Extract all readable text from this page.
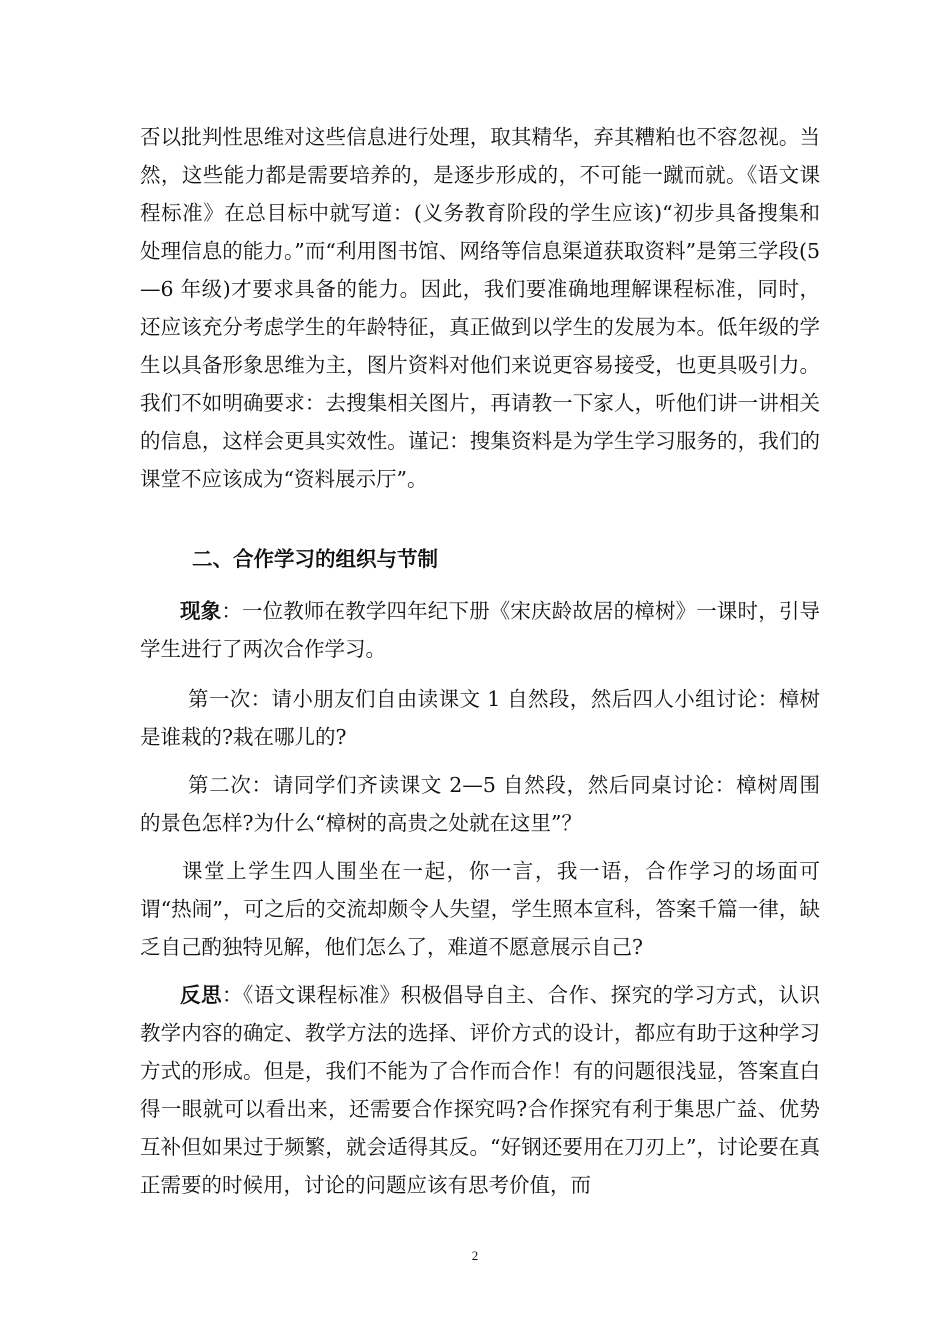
否以批判性思维对这些信息进行处理，取其精华，弃其糟粕也不容忽视。当然，这些能力都是需要培养的，是逐步形成的，不可能一蹴而就。《语文课程标准》在总目标中就写道：(义务教育阶段的学生应该)“初步具备搜集和处理信息的能力。”而“利用图书馆、网络等信息渠道获取资料”是第三学段(5—6 年级)才要求具备的能力。因此，我们要准确地理解课程标准，同时，还应该充分考虑学生的年龄特征，真正做到以学生的发展为本。低年级的学生以具备形象思维为主，图片资料对他们来说更容易接受，也更具吸引力。我们不如明确要求：去搜集相关图片，再请教一下家人，听他们讲一讲相关的信息，这样会更具实效性。谨记：搜集资料是为学生学习服务的，我们的课堂不应该成为“资料展示厅”。

二、合作学习的组织与节制

现象：一位教师在教学四年纪下册《宋庆龄故居的樟树》一课时，引导学生进行了两次合作学习。

第一次：请小朋友们自由读课文 1 自然段，然后四人小组讨论：樟树是谁栽的?栽在哪儿的?

第二次：请同学们齐读课文 2—5 自然段，然后同桌讨论：樟树周围的景色怎样?为什么“樟树的高贵之处就在这里”？

课堂上学生四人围坐在一起，你一言，我一语，合作学习的场面可谓“热闹”，可之后的交流却颇令人失望，学生照本宣科，答案千篇一律，缺乏自己酌独特见解，他们怎么了，难道不愿意展示自己?

反思：《语文课程标准》积极倡导自主、合作、探究的学习方式，认识教学内容的确定、教学方法的选择、评价方式的设计，都应有助于这种学习方式的形成。但是，我们不能为了合作而合作！有的问题很浅显，答案直白得一眼就可以看出来，还需要合作探究吗?合作探究有利于集思广益、优势互补但如果过于频繁，就会适得其反。“好钢还要用在刀刃上”，讨论要在真正需要的时候用，讨论的问题应该有思考价值，而

2
